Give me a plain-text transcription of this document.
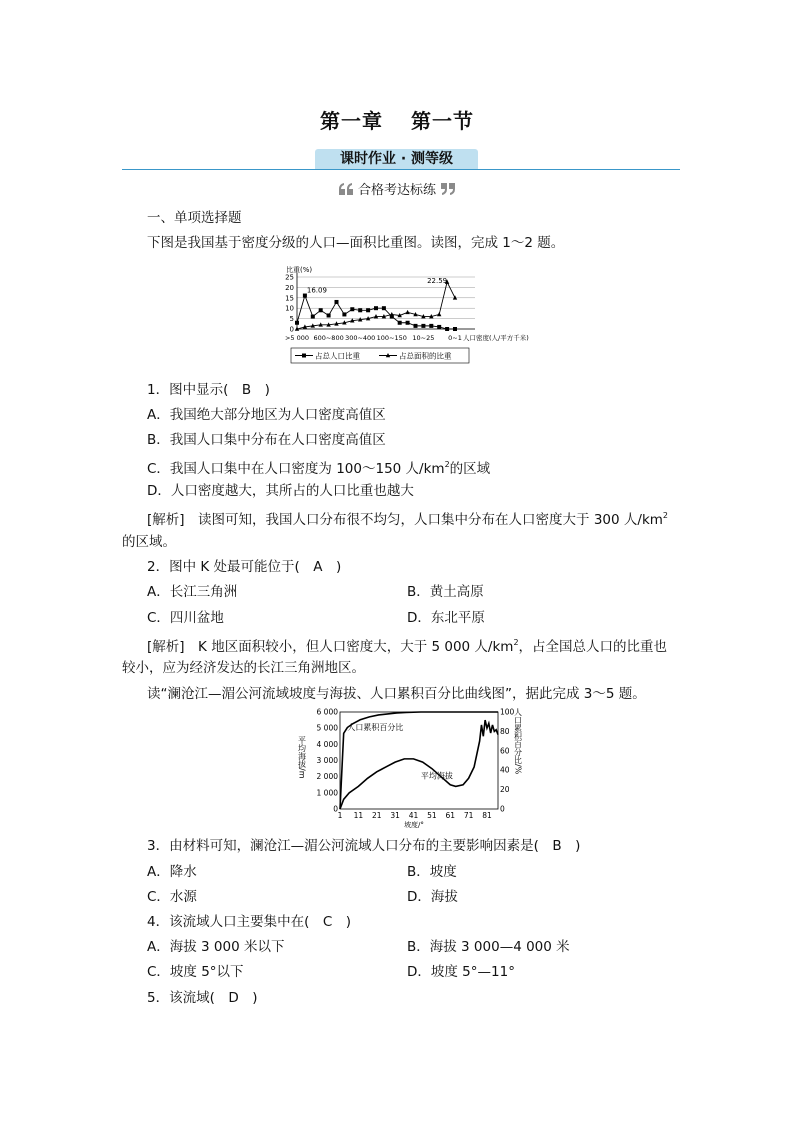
第一章 第一节
课时作业 · 测等级
合格考达标练
一、单项选择题
下图是我国基于密度分级的人口—面积比重图。读图，完成 1～2 题。
比重(%)
25
20
15
10
5
0
>5 000 600~800 300~400 100~150 10~25 0~1 人口密度(人/平方千米)
16.09
22.59
占总人口比重	占总面积的比重
1．图中显示(　B　)
A．我国绝大部分地区为人口密度高值区
B．我国人口集中分布在人口密度高值区
C．我国人口集中在人口密度为 100～150 人$/km^2$的区域
D．人口密度越大，其所占的人口比重也越大
[解析]　读图可知，我国人口分布很不均匀，人口集中分布在人口密度大于 300 人$/km^2$
的区域。
2．图中 K 处最可能位于(　A　)
A．长江三角洲	B．黄土高原
C．四川盆地	D．东北平原
[解析]　K 地区面积较小，但人口密度大，大于 5 000 人$/km^2$，占全国总人口的比重也
较小，应为经济发达的长江三角洲地区。
读“澜沧江—湄公河流域坡度与海拔、人口累积百分比曲线图”，据此完成 3～5 题。
6 000
5 000
4 000
3 000
2 000
1 000
0
100
80
60
40
20
0
1 11 21 31 41 51 61 71 81
坡度/°
平均海拔/m	人口累积百分比/%
人口累积百分比
平均海拔
3．由材料可知，澜沧江—湄公河流域人口分布的主要影响因素是(　B　)
A．降水	B．坡度
C．水源	D．海拔
4．该流域人口主要集中在(　C　)
A．海拔 3 000 米以下	B．海拔 3 000—4 000 米
C．坡度 5°以下	D．坡度 5°—11°
5．该流域(　D　)
